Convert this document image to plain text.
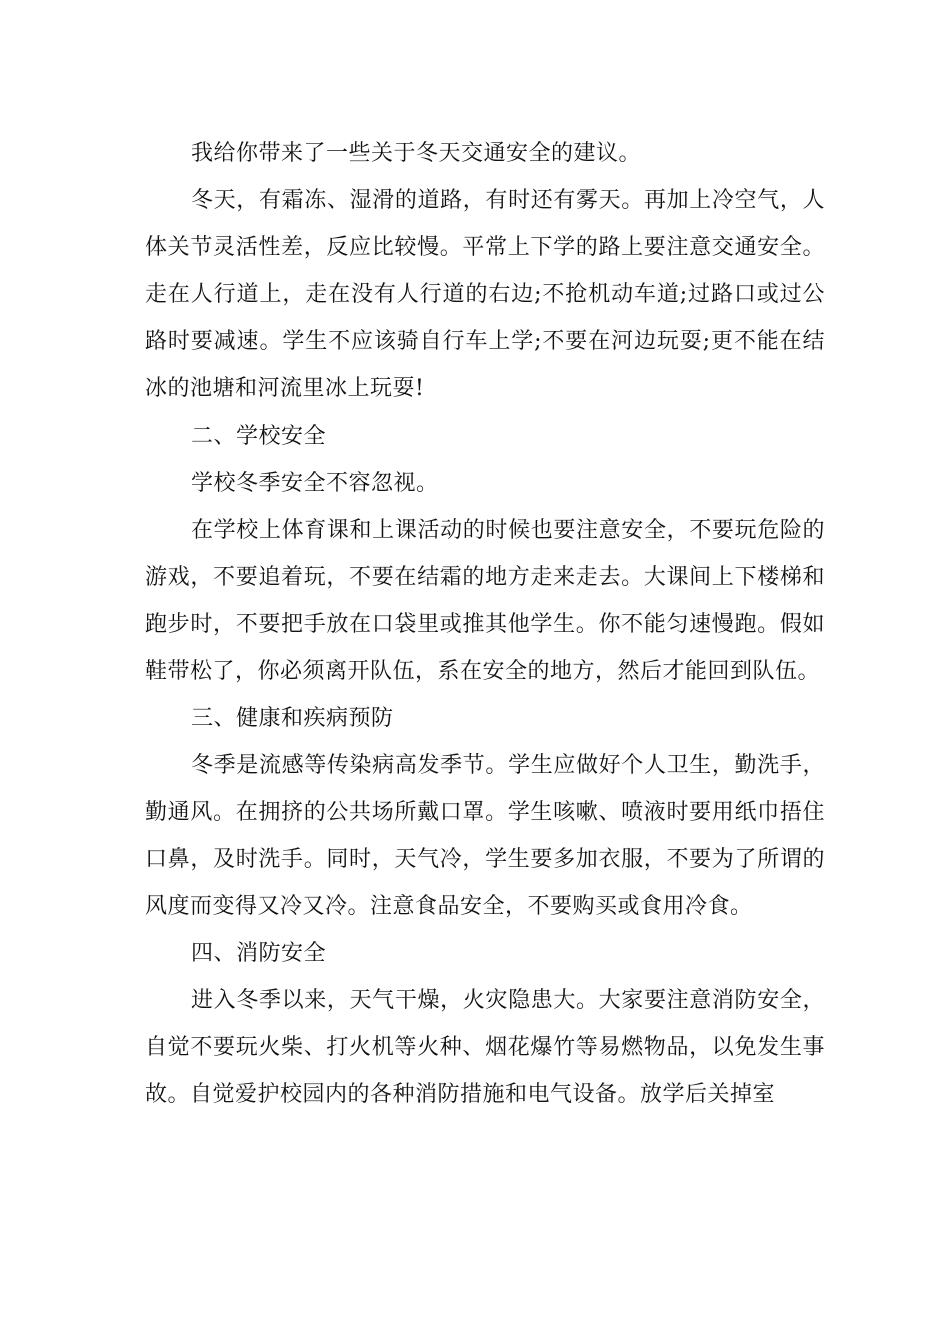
我给你带来了一些关于冬天交通安全的建议。

冬天，有霜冻、湿滑的道路，有时还有雾天。再加上冷空气，人体关节灵活性差，反应比较慢。平常上下学的路上要注意交通安全。走在人行道上，走在没有人行道的右边;不抢机动车道;过路口或过公路时要减速。学生不应该骑自行车上学;不要在河边玩耍;更不能在结冰的池塘和河流里冰上玩耍!

二、学校安全

学校冬季安全不容忽视。

在学校上体育课和上课活动的时候也要注意安全，不要玩危险的游戏，不要追着玩，不要在结霜的地方走来走去。大课间上下楼梯和跑步时，不要把手放在口袋里或推其他学生。你不能匀速慢跑。假如鞋带松了，你必须离开队伍，系在安全的地方，然后才能回到队伍。

三、健康和疾病预防

冬季是流感等传染病高发季节。学生应做好个人卫生，勤洗手，勤通风。在拥挤的公共场所戴口罩。学生咳嗽、喷液时要用纸巾捂住口鼻，及时洗手。同时，天气冷，学生要多加衣服，不要为了所谓的风度而变得又冷又冷。注意食品安全，不要购买或食用冷食。

四、消防安全

进入冬季以来，天气干燥，火灾隐患大。大家要注意消防安全，自觉不要玩火柴、打火机等火种、烟花爆竹等易燃物品，以免发生事故。自觉爱护校园内的各种消防措施和电气设备。放学后关掉室
